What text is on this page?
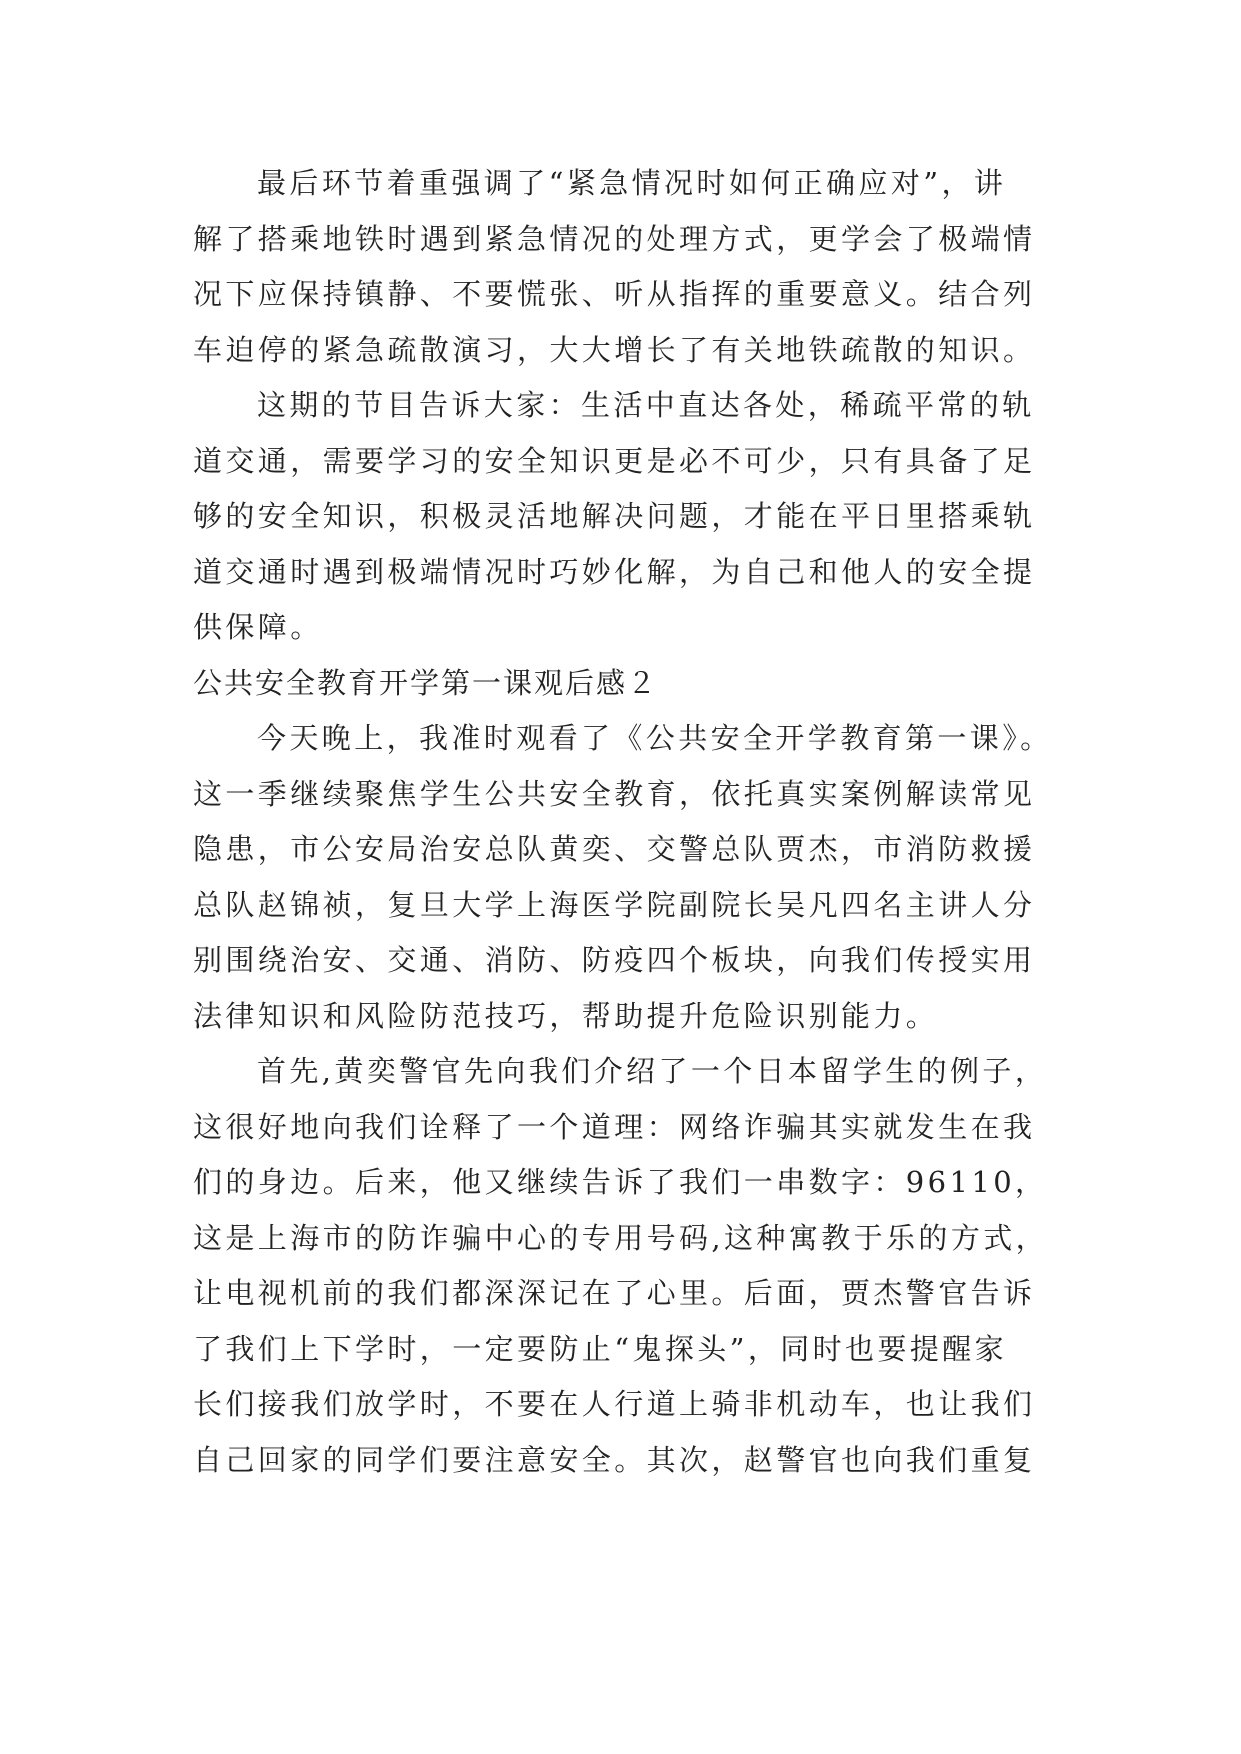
最后环节着重强调了“紧急情况时如何正确应对”，讲
解了搭乘地铁时遇到紧急情况的处理方式，更学会了极端情
况下应保持镇静、不要慌张、听从指挥的重要意义。结合列
车迫停的紧急疏散演习，大大增长了有关地铁疏散的知识。
这期的节目告诉大家：生活中直达各处，稀疏平常的轨
道交通，需要学习的安全知识更是必不可少，只有具备了足
够的安全知识，积极灵活地解决问题，才能在平日里搭乘轨
道交通时遇到极端情况时巧妙化解，为自己和他人的安全提
供保障。
公共安全教育开学第一课观后感２
今天晚上，我准时观看了《公共安全开学教育第一课》。
这一季继续聚焦学生公共安全教育，依托真实案例解读常见
隐患，市公安局治安总队黄奕、交警总队贾杰，市消防救援
总队赵锦祯，复旦大学上海医学院副院长吴凡四名主讲人分
别围绕治安、交通、消防、防疫四个板块，向我们传授实用
法律知识和风险防范技巧，帮助提升危险识别能力。
首先,黄奕警官先向我们介绍了一个日本留学生的例子，
这很好地向我们诠释了一个道理：网络诈骗其实就发生在我
们的身边。后来，他又继续告诉了我们一串数字：96110，
这是上海市的防诈骗中心的专用号码,这种寓教于乐的方式，
让电视机前的我们都深深记在了心里。后面，贾杰警官告诉
了我们上下学时，一定要防止“鬼探头”，同时也要提醒家
长们接我们放学时，不要在人行道上骑非机动车，也让我们
自己回家的同学们要注意安全。其次，赵警官也向我们重复
